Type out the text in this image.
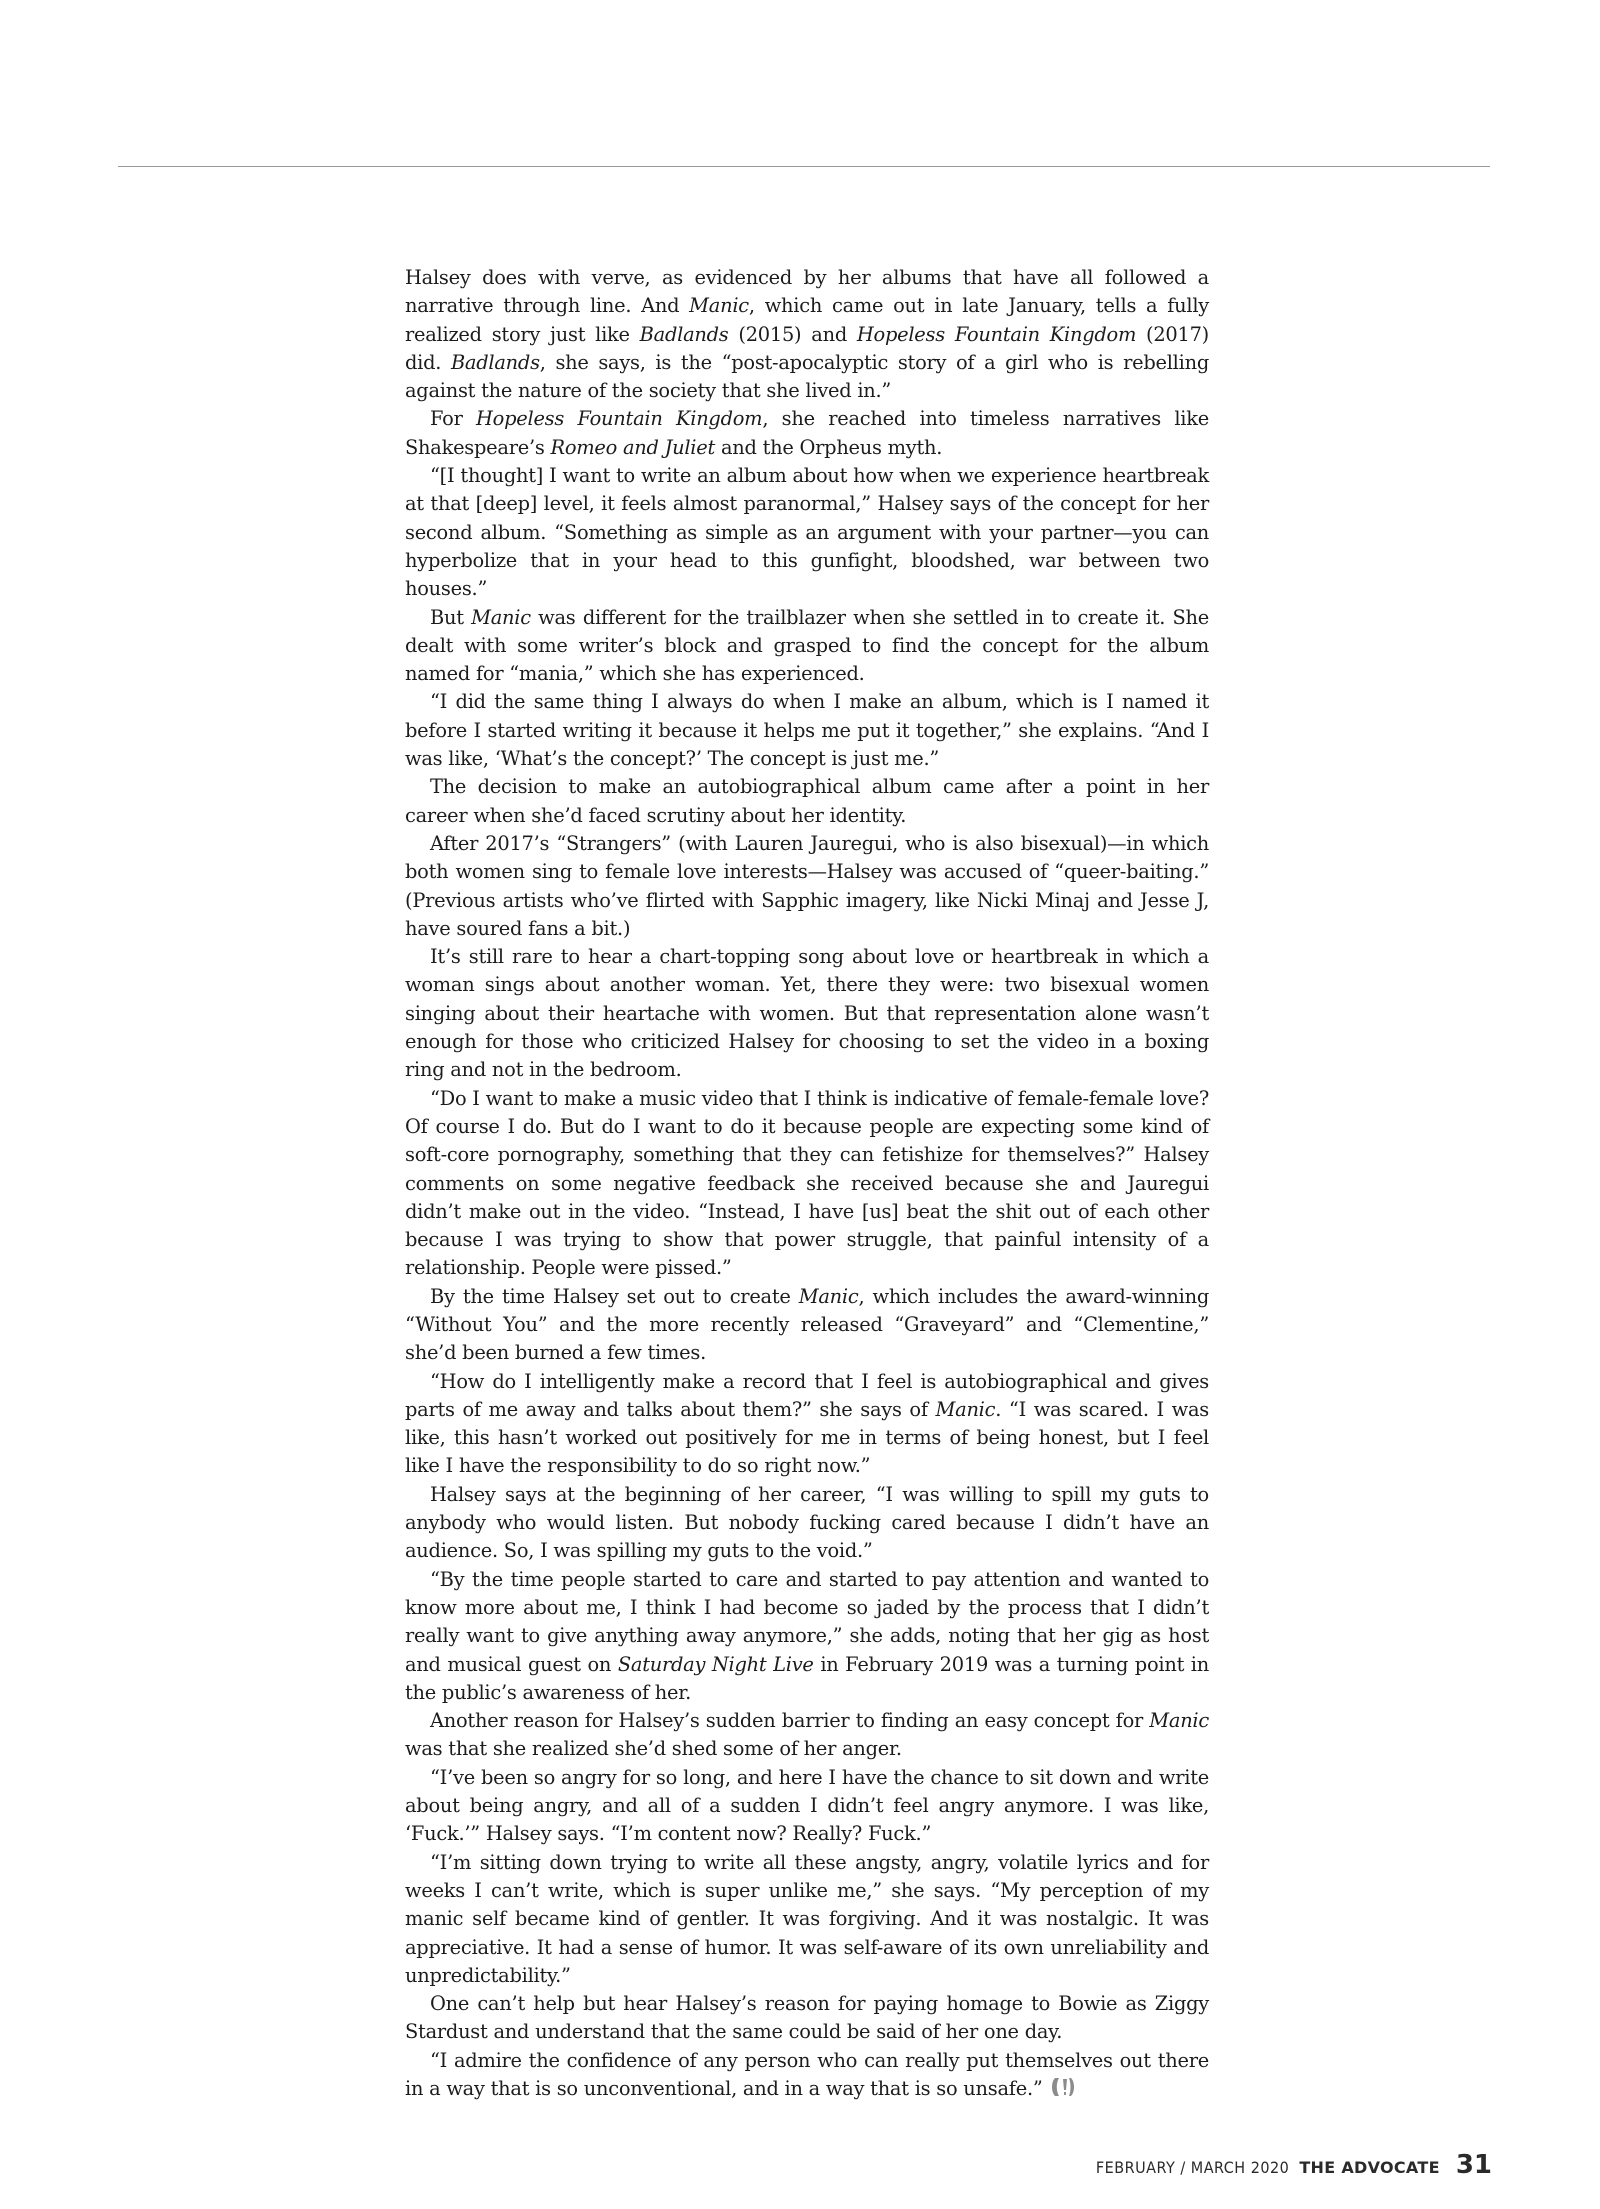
Halsey does with verve, as evidenced by her albums that have all followed a narrative through line. And Manic, which came out in late January, tells a fully realized story just like Badlands (2015) and Hopeless Fountain Kingdom (2017) did. Badlands, she says, is the “post-apocalyptic story of a girl who is rebelling against the nature of the society that she lived in.”

For Hopeless Fountain Kingdom, she reached into timeless narratives like Shakespeare’s Romeo and Juliet and the Orpheus myth.

“[I thought] I want to write an album about how when we experience heartbreak at that [deep] level, it feels almost paranormal,” Halsey says of the concept for her second album. “Something as simple as an argument with your partner—you can hyperbolize that in your head to this gunfight, bloodshed, war between two houses.”

But Manic was different for the trailblazer when she settled in to create it. She dealt with some writer’s block and grasped to find the concept for the album named for “mania,” which she has experienced.

“I did the same thing I always do when I make an album, which is I named it before I started writing it because it helps me put it together,” she explains. “And I was like, ‘What’s the concept?’ The concept is just me.”

The decision to make an autobiographical album came after a point in her career when she’d faced scrutiny about her identity.

After 2017’s “Strangers” (with Lauren Jauregui, who is also bisexual)—in which both women sing to female love interests—Halsey was accused of “queer-baiting.” (Previous artists who’ve flirted with Sapphic imagery, like Nicki Minaj and Jesse J, have soured fans a bit.)

It’s still rare to hear a chart-topping song about love or heartbreak in which a woman sings about another woman. Yet, there they were: two bisexual women singing about their heartache with women. But that representation alone wasn’t enough for those who criticized Halsey for choosing to set the video in a boxing ring and not in the bedroom.

“Do I want to make a music video that I think is indicative of female-female love? Of course I do. But do I want to do it because people are expecting some kind of soft-core pornography, something that they can fetishize for themselves?” Halsey comments on some negative feedback she received because she and Jauregui didn’t make out in the video. “Instead, I have [us] beat the shit out of each other because I was trying to show that power struggle, that painful intensity of a relationship. People were pissed.”

By the time Halsey set out to create Manic, which includes the award-winning “Without You” and the more recently released “Graveyard” and “Clementine,” she’d been burned a few times.

“How do I intelligently make a record that I feel is autobiographical and gives parts of me away and talks about them?” she says of Manic. “I was scared. I was like, this hasn’t worked out positively for me in terms of being honest, but I feel like I have the responsibility to do so right now.”

Halsey says at the beginning of her career, “I was willing to spill my guts to anybody who would listen. But nobody fucking cared because I didn’t have an audience. So, I was spilling my guts to the void.”

“By the time people started to care and started to pay attention and wanted to know more about me, I think I had become so jaded by the process that I didn’t really want to give anything away anymore,” she adds, noting that her gig as host and musical guest on Saturday Night Live in February 2019 was a turning point in the public’s awareness of her.

Another reason for Halsey’s sudden barrier to finding an easy concept for Manic was that she realized she’d shed some of her anger.

“I’ve been so angry for so long, and here I have the chance to sit down and write about being angry, and all of a sudden I didn’t feel angry anymore. I was like, ‘Fuck.’” Halsey says. “I’m content now? Really? Fuck.”

“I’m sitting down trying to write all these angsty, angry, volatile lyrics and for weeks I can’t write, which is super unlike me,” she says. “My perception of my manic self became kind of gentler. It was forgiving. And it was nostalgic. It was appreciative. It had a sense of humor. It was self-aware of its own unreliability and unpredictability.”

One can’t help but hear Halsey’s reason for paying homage to Bowie as Ziggy Stardust and understand that the same could be said of her one day.

“I admire the confidence of any person who can really put themselves out there in a way that is so unconventional, and in a way that is so unsafe.”

FEBRUARY / MARCH 2020 THE ADVOCATE 31
